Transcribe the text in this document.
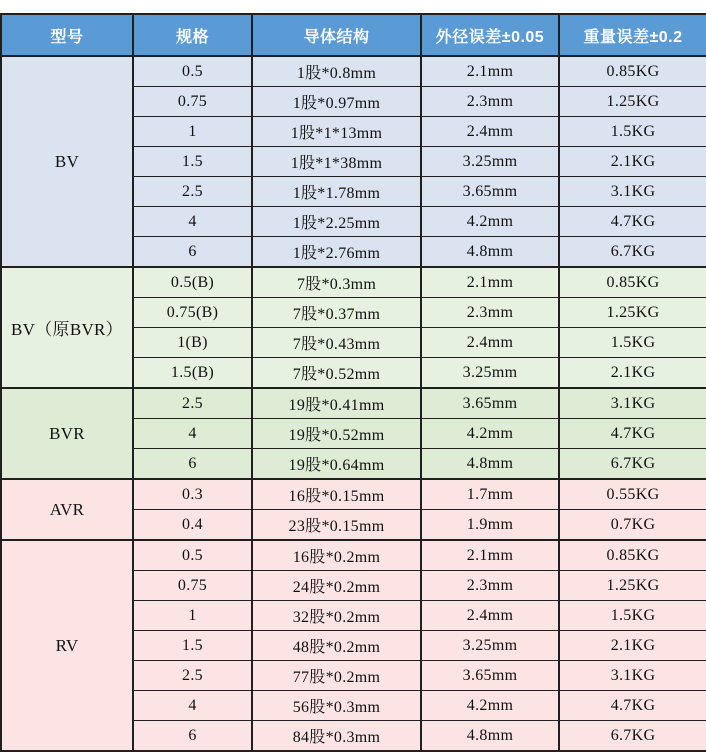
型号	规格	导体结构	外径误差±0.05	重量误差±0.2
BV	0.5	1股*0.8mm	2.1mm	0.85KG
	0.75	1股*0.97mm	2.3mm	1.25KG
	1	1股*1*13mm	2.4mm	1.5KG
	1.5	1股*1*38mm	3.25mm	2.1KG
	2.5	1股*1.78mm	3.65mm	3.1KG
	4	1股*2.25mm	4.2mm	4.7KG
	6	1股*2.76mm	4.8mm	6.7KG
BV（原BVR）	0.5(B)	7股*0.3mm	2.1mm	0.85KG
	0.75(B)	7股*0.37mm	2.3mm	1.25KG
	1(B)	7股*0.43mm	2.4mm	1.5KG
	1.5(B)	7股*0.52mm	3.25mm	2.1KG
BVR	2.5	19股*0.41mm	3.65mm	3.1KG
	4	19股*0.52mm	4.2mm	4.7KG
	6	19股*0.64mm	4.8mm	6.7KG
AVR	0.3	16股*0.15mm	1.7mm	0.55KG
	0.4	23股*0.15mm	1.9mm	0.7KG
RV	0.5	16股*0.2mm	2.1mm	0.85KG
	0.75	24股*0.2mm	2.3mm	1.25KG
	1	32股*0.2mm	2.4mm	1.5KG
	1.5	48股*0.2mm	3.25mm	2.1KG
	2.5	77股*0.2mm	3.65mm	3.1KG
	4	56股*0.3mm	4.2mm	4.7KG
	6	84股*0.3mm	4.8mm	6.7KG
